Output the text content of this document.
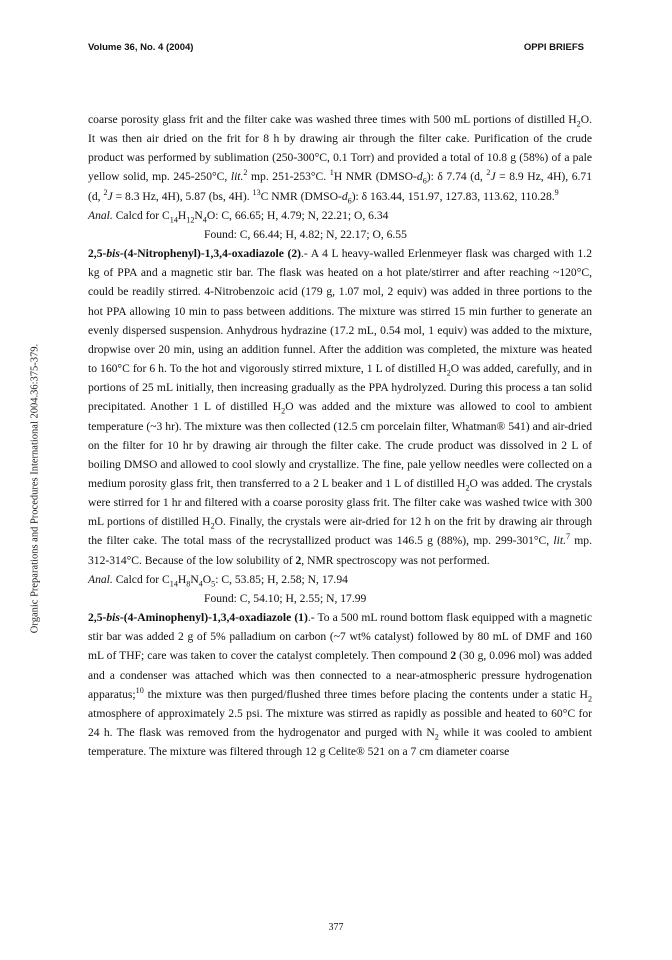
Volume 36, No. 4 (2004)	OPPI BRIEFS
Organic Preparations and Procedures International 2004.36:375-379.

coarse porosity glass frit and the filter cake was washed three times with 500 mL portions of distilled $H_2O$. It was then air dried on the frit for 8 h by drawing air through the filter cake. Purification of the crude product was performed by sublimation (250-300°C, 0.1 Torr) and provided a total of 10.8 g (58%) of a pale yellow solid, mp. 245-250°C, lit.$^2$ mp. 251-253°C. $^1$H NMR $(DMSO-d_6)$: δ 7.74 (d, $^2$J = 8.9 Hz, 4H), 6.71 (d, $^2$J = 8.3 Hz, 4H), 5.87 (bs, 4H). $^{13}$C NMR $(DMSO-d_6)$: δ 163.44, 151.97, 127.83, 113.62, 110.28.$^9$

Anal. Calcd for $C_{14}H_{12}N_4O$: C, 66.65; H, 4.79; N, 22.21; O, 6.34

Found: C, 66.44; H, 4.82; N, 22.17; O, 6.55

2,5-bis-(4-Nitrophenyl)-1,3,4-oxadiazole (2).- A 4 L heavy-walled Erlenmeyer flask was charged with 1.2 kg of PPA and a magnetic stir bar. The flask was heated on a hot plate/stirrer and after reaching ~120°C, could be readily stirred. 4-Nitrobenzoic acid (179 g, 1.07 mol, 2 equiv) was added in three portions to the hot PPA allowing 10 min to pass between additions. The mixture was stirred 15 min further to generate an evenly dispersed suspension. Anhydrous hydrazine (17.2 mL, 0.54 mol, 1 equiv) was added to the mixture, dropwise over 20 min, using an addition funnel. After the addition was completed, the mixture was heated to 160°C for 6 h. To the hot and vigorously stirred mixture, 1 L of distilled $H_2O$ was added, carefully, and in portions of 25 mL initially, then increasing gradually as the PPA hydrolyzed. During this process a tan solid precipitated. Another 1 L of distilled $H_2O$ was added and the mixture was allowed to cool to ambient temperature (~3 hr). The mixture was then collected (12.5 cm porcelain filter, Whatman® 541) and air-dried on the filter for 10 hr by drawing air through the filter cake. The crude product was dissolved in 2 L of boiling DMSO and allowed to cool slowly and crystallize. The fine, pale yellow needles were collected on a medium porosity glass frit, then transferred to a 2 L beaker and 1 L of distilled $H_2O$ was added. The crystals were stirred for 1 hr and filtered with a coarse porosity glass frit. The filter cake was washed twice with 300 mL portions of distilled $H_2O$. Finally, the crystals were air-dried for 12 h on the frit by drawing air through the filter cake. The total mass of the recrystallized product was 146.5 g (88%), mp. 299-301°C, lit.$^7$ mp. 312-314°C. Because of the low solubility of 2, NMR spectroscopy was not performed.

Anal. Calcd for $C_{14}H_8N_4O_5$: C, 53.85; H, 2.58; N, 17.94

Found: C, 54.10; H, 2.55; N, 17.99

2,5-bis-(4-Aminophenyl)-1,3,4-oxadiazole (1).- To a 500 mL round bottom flask equipped with a magnetic stir bar was added 2 g of 5% palladium on carbon (~7 wt% catalyst) followed by 80 mL of DMF and 160 mL of THF; care was taken to cover the catalyst completely. Then compound 2 (30 g, 0.096 mol) was added and a condenser was attached which was then connected to a near-atmospheric pressure hydrogenation apparatus;$^{10}$ the mixture was then purged/flushed three times before placing the contents under a static $H_2$ atmosphere of approximately 2.5 psi. The mixture was stirred as rapidly as possible and heated to 60°C for 24 h. The flask was removed from the hydrogenator and purged with $N_2$ while it was cooled to ambient temperature. The mixture was filtered through 12 g Celite® 521 on a 7 cm diameter coarse

377
